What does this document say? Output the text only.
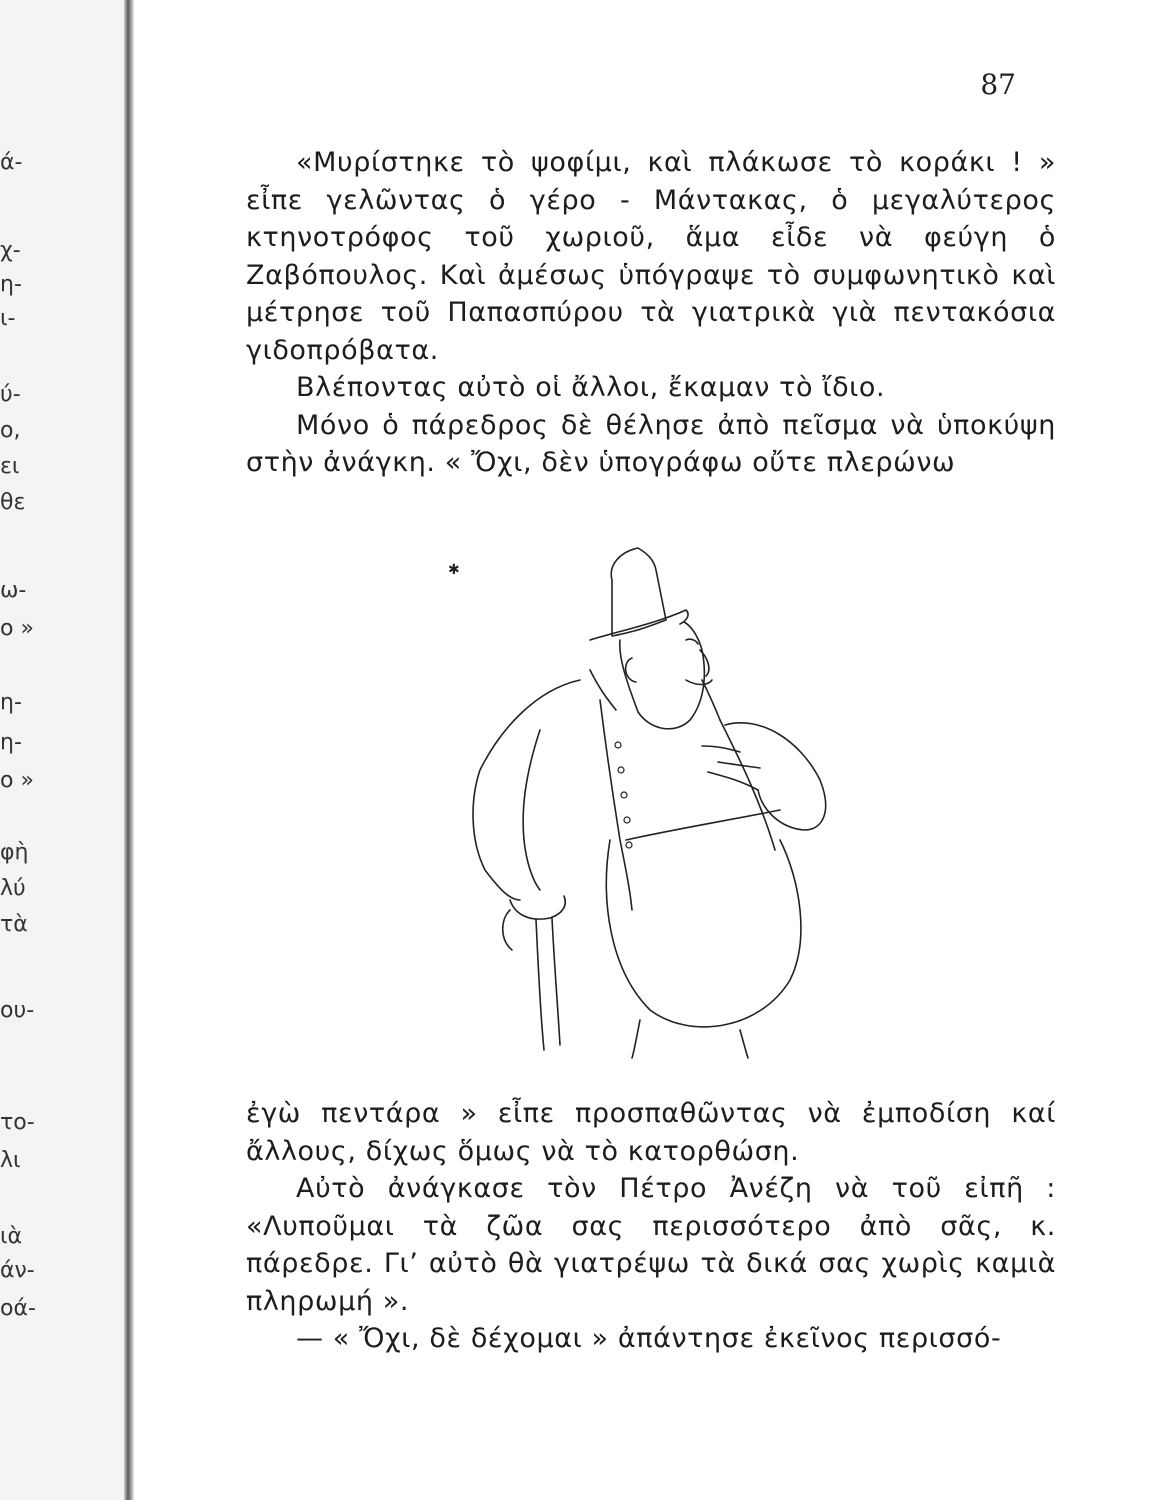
ά-
χ-
η-
ι-
ύ-
ο,
ει
θε
ω-
ο »
η-
η-
ο »
φὴ
λύ
τὰ
ου-
το-
λι
ιὰ
άν-
οά-
87

«Μυρίστηκε τὸ ψοφίμι, καὶ πλάκωσε τὸ κοράκι ! » εἶπε γελῶντας ὁ γέρο - Μάντακας, ὁ μεγαλύτερος κτηνοτρόφος τοῦ χωριοῦ, ἅμα εἶδε νὰ φεύγη ὁ Ζαβόπουλος. Καὶ ἀμέσως ὑπόγραψε τὸ συμφωνητικὸ καὶ μέτρησε τοῦ Παπασπύρου τὰ γιατρικὰ γιὰ πεντακόσια γιδοπρόβατα.

Βλέποντας αὐτὸ οἱ ἄλλοι, ἔκαμαν τὸ ἴδιο.

Μόνο ὁ πάρεδρος δὲ θέλησε ἀπὸ πεῖσμα νὰ ὑποκύψη στὴν ἀνάγκη. « Ὄχι, δὲν ὑπογράφω οὔτε πλερώνω

✱

ἐγὼ πεντάρα » εἶπε προσπαθῶντας νὰ ἐμποδίση καί ἄλλους, δίχως ὅμως νὰ τὸ κατορθώση.

Αὐτὸ ἀνάγκασε τὸν Πέτρο Ἀνέζη νὰ τοῦ εἰπῆ : «Λυποῦμαι τὰ ζῶα σας περισσότερο ἀπὸ σᾶς, κ. πάρεδρε. Γι’ αὐτὸ θὰ γιατρέψω τὰ δικά σας χωρὶς καμιὰ πληρωμή ».

— « Ὄχι, δὲ δέχομαι » ἀπάντησε ἐκεῖνος περισσό-
